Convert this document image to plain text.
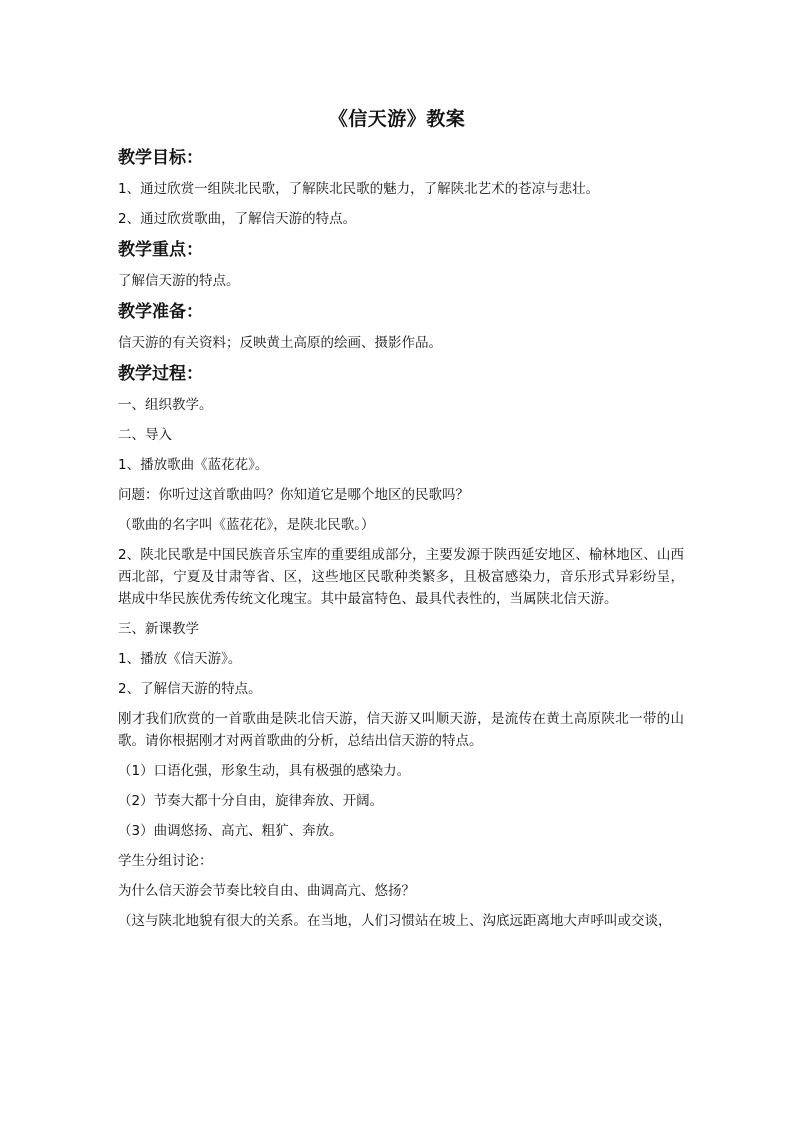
《信天游》教案
教学目标：

1、通过欣赏一组陕北民歌，了解陕北民歌的魅力，了解陕北艺术的苍凉与悲壮。

2、通过欣赏歌曲，了解信天游的特点。

教学重点：

了解信天游的特点。

教学准备：

信天游的有关资料；反映黄土高原的绘画、摄影作品。

教学过程：

一、组织教学。

二、导入

1、播放歌曲《蓝花花》。

问题：你听过这首歌曲吗？你知道它是哪个地区的民歌吗？

（歌曲的名字叫《蓝花花》，是陕北民歌。）

2、陕北民歌是中国民族音乐宝库的重要组成部分，主要发源于陕西延安地区、榆林地区、山西西北部，宁夏及甘肃等省、区，这些地区民歌种类繁多，且极富感染力，音乐形式异彩纷呈，堪成中华民族优秀传统文化瑰宝。其中最富特色、最具代表性的，当属陕北信天游。

三、新课教学

1、播放《信天游》。

2、了解信天游的特点。

刚才我们欣赏的一首歌曲是陕北信天游，信天游又叫顺天游，是流传在黄土高原陕北一带的山歌。请你根据刚才对两首歌曲的分析，总结出信天游的特点。

（1）口语化强，形象生动，具有极强的感染力。

（2）节奏大都十分自由，旋律奔放、开阔。

（3）曲调悠扬、高亢、粗犷、奔放。

学生分组讨论：

为什么信天游会节奏比较自由、曲调高亢、悠扬？

（这与陕北地貌有很大的关系。在当地，人们习惯站在坡上、沟底远距离地大声呼叫或交谈，
